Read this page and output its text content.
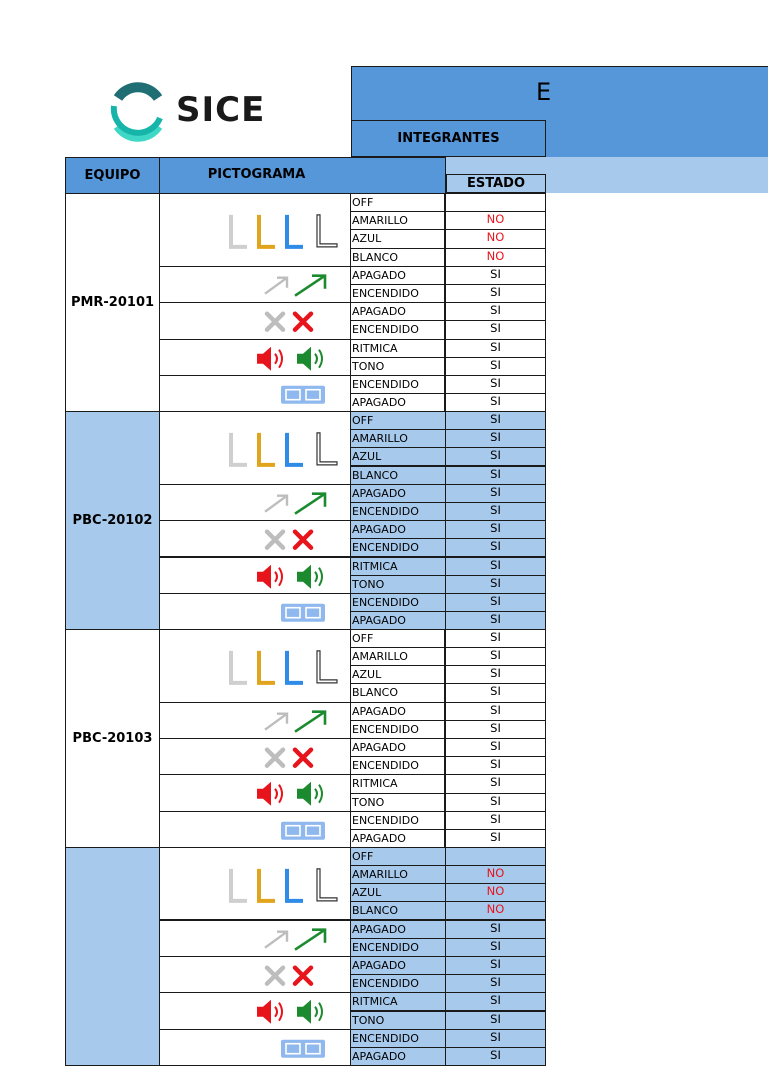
SICE	E
INTEGRANTES
EQUIPO	PICTOGRAMA
ESTADO
PMR-20101
OFF
AMARILLO	NO
AZUL	NO
BLANCO	NO
APAGADO	SI
ENCENDIDO	SI
APAGADO	SI
ENCENDIDO	SI
RITMICA	SI
TONO	SI
ENCENDIDO	SI
APAGADO	SI
PBC-20102
OFF	SI
AMARILLO	SI
AZUL	SI
BLANCO	SI
APAGADO	SI
ENCENDIDO	SI
APAGADO	SI
ENCENDIDO	SI
RITMICA	SI
TONO	SI
ENCENDIDO	SI
APAGADO	SI
PBC-20103
OFF	SI
AMARILLO	SI
AZUL	SI
BLANCO	SI
APAGADO	SI
ENCENDIDO	SI
APAGADO	SI
ENCENDIDO	SI
RITMICA	SI
TONO	SI
ENCENDIDO	SI
APAGADO	SI
OFF
AMARILLO	NO
AZUL	NO
BLANCO	NO
APAGADO	SI
ENCENDIDO	SI
APAGADO	SI
ENCENDIDO	SI
RITMICA	SI
TONO	SI
ENCENDIDO	SI
APAGADO	SI
